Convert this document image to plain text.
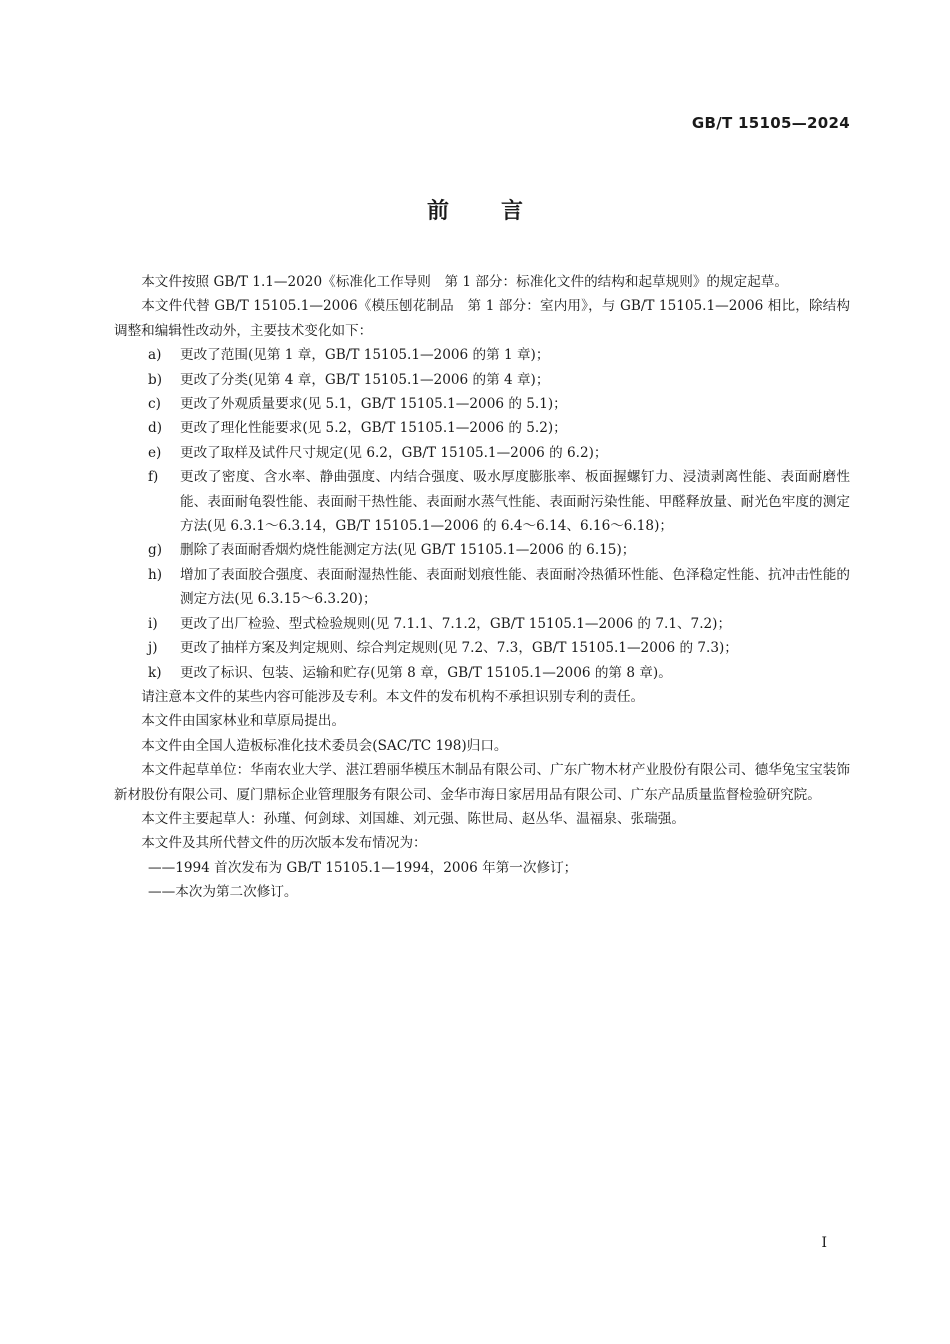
GB/T 15105—2024
前 言

本文件按照 GB/T 1.1—2020《标准化工作导则　第 1 部分：标准化文件的结构和起草规则》的规定起草。

本文件代替 GB/T 15105.1—2006《模压刨花制品　第 1 部分：室内用》，与 GB/T 15105.1—2006 相比，除结构调整和编辑性改动外，主要技术变化如下：

a) 更改了范围(见第 1 章，GB/T 15105.1—2006 的第 1 章)；
b) 更改了分类(见第 4 章，GB/T 15105.1—2006 的第 4 章)；
c) 更改了外观质量要求(见 5.1，GB/T 15105.1—2006 的 5.1)；
d) 更改了理化性能要求(见 5.2，GB/T 15105.1—2006 的 5.2)；
e) 更改了取样及试件尺寸规定(见 6.2，GB/T 15105.1—2006 的 6.2)；
f) 更改了密度、含水率、静曲强度、内结合强度、吸水厚度膨胀率、板面握螺钉力、浸渍剥离性能、表面耐磨性能、表面耐龟裂性能、表面耐干热性能、表面耐水蒸气性能、表面耐污染性能、甲醛释放量、耐光色牢度的测定方法(见 6.3.1～6.3.14，GB/T 15105.1—2006 的 6.4～6.14、6.16～6.18)；
g) 删除了表面耐香烟灼烧性能测定方法(见 GB/T 15105.1—2006 的 6.15)；
h) 增加了表面胶合强度、表面耐湿热性能、表面耐划痕性能、表面耐冷热循环性能、色泽稳定性能、抗冲击性能的测定方法(见 6.3.15～6.3.20)；
i) 更改了出厂检验、型式检验规则(见 7.1.1、7.1.2，GB/T 15105.1—2006 的 7.1、7.2)；
j) 更改了抽样方案及判定规则、综合判定规则(见 7.2、7.3，GB/T 15105.1—2006 的 7.3)；
k) 更改了标识、包装、运输和贮存(见第 8 章，GB/T 15105.1—2006 的第 8 章)。

请注意本文件的某些内容可能涉及专利。本文件的发布机构不承担识别专利的责任。

本文件由国家林业和草原局提出。

本文件由全国人造板标准化技术委员会(SAC/TC 198)归口。

本文件起草单位：华南农业大学、湛江碧丽华模压木制品有限公司、广东广物木材产业股份有限公司、德华兔宝宝装饰新材股份有限公司、厦门鼎标企业管理服务有限公司、金华市海日家居用品有限公司、广东产品质量监督检验研究院。

本文件主要起草人：孙瑾、何剑球、刘国雄、刘元强、陈世局、赵丛华、温福泉、张瑞强。

本文件及其所代替文件的历次版本发布情况为：

——1994 首次发布为 GB/T 15105.1—1994，2006 年第一次修订；

——本次为第二次修订。

I
